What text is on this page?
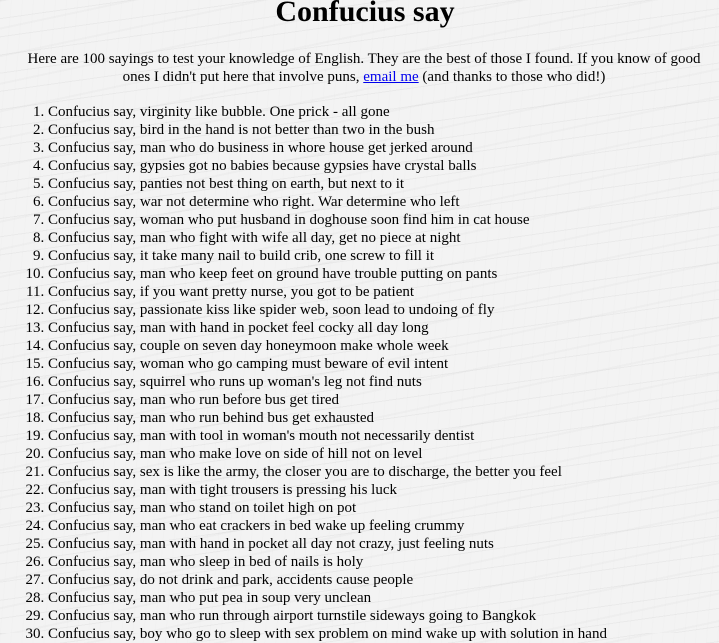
Confucius say

Here are 100 sayings to test your knowledge of English. They are the best of those I found. If you know of good ones I didn't put here that involve puns, email me (and thanks to those who did!)

1. Confucius say, virginity like bubble. One prick - all gone
2. Confucius say, bird in the hand is not better than two in the bush
3. Confucius say, man who do business in whore house get jerked around
4. Confucius say, gypsies got no babies because gypsies have crystal balls
5. Confucius say, panties not best thing on earth, but next to it
6. Confucius say, war not determine who right. War determine who left
7. Confucius say, woman who put husband in doghouse soon find him in cat house
8. Confucius say, man who fight with wife all day, get no piece at night
9. Confucius say, it take many nail to build crib, one screw to fill it
10. Confucius say, man who keep feet on ground have trouble putting on pants
11. Confucius say, if you want pretty nurse, you got to be patient
12. Confucius say, passionate kiss like spider web, soon lead to undoing of fly
13. Confucius say, man with hand in pocket feel cocky all day long
14. Confucius say, couple on seven day honeymoon make whole week
15. Confucius say, woman who go camping must beware of evil intent
16. Confucius say, squirrel who runs up woman's leg not find nuts
17. Confucius say, man who run before bus get tired
18. Confucius say, man who run behind bus get exhausted
19. Confucius say, man with tool in woman's mouth not necessarily dentist
20. Confucius say, man who make love on side of hill not on level
21. Confucius say, sex is like the army, the closer you are to discharge, the better you feel
22. Confucius say, man with tight trousers is pressing his luck
23. Confucius say, man who stand on toilet high on pot
24. Confucius say, man who eat crackers in bed wake up feeling crummy
25. Confucius say, man with hand in pocket all day not crazy, just feeling nuts
26. Confucius say, man who sleep in bed of nails is holy
27. Confucius say, do not drink and park, accidents cause people
28. Confucius say, man who put pea in soup very unclean
29. Confucius say, man who run through airport turnstile sideways going to Bangkok
30. Confucius say, boy who go to sleep with sex problem on mind wake up with solution in hand
